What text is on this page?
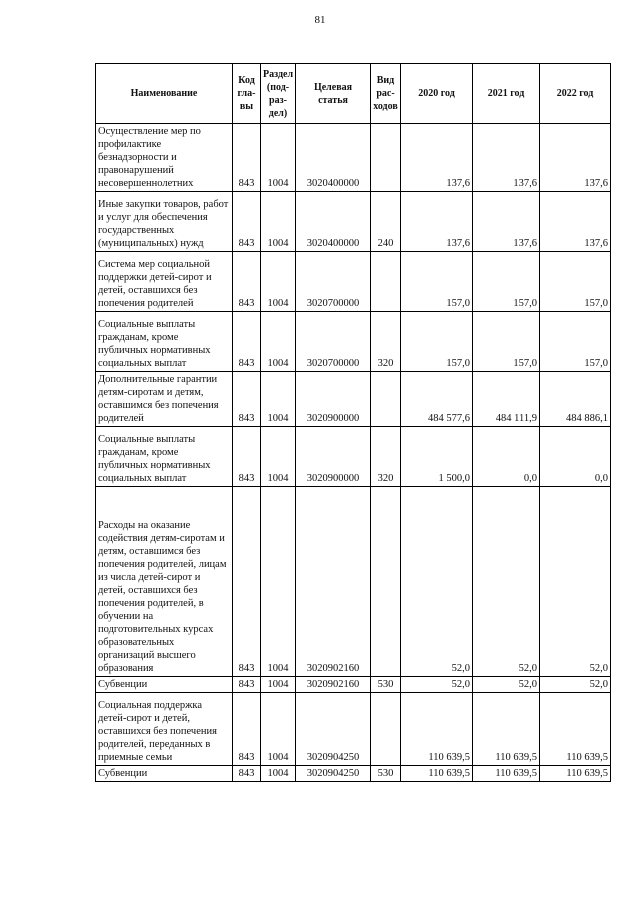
81
Наименование	Код гла-вы	Раздел (под-раз-дел)	Целевая статья	Вид рас-ходов	2020 год	2021 год	2022 год
Осуществление мер по профилактике безнадзорности и правонарушений несовершеннолетних	843	1004	3020400000		137,6	137,6	137,6
Иные закупки товаров, работ и услуг для обеспечения государственных (муниципальных) нужд	843	1004	3020400000	240	137,6	137,6	137,6
Система мер социальной поддержки детей-сирот и детей, оставшихся без попечения родителей	843	1004	3020700000		157,0	157,0	157,0
Социальные выплаты гражданам, кроме публичных нормативных социальных выплат	843	1004	3020700000	320	157,0	157,0	157,0
Дополнительные гарантии детям-сиротам и детям, оставшимся без попечения родителей	843	1004	3020900000		484 577,6	484 111,9	484 886,1
Социальные выплаты гражданам, кроме публичных нормативных социальных выплат	843	1004	3020900000	320	1 500,0	0,0	0,0
Расходы на оказание содействия детям-сиротам и детям, оставшимся без попечения родителей, лицам из числа детей-сирот и детей, оставшихся без попечения родителей, в обучении на подготовительных курсах образовательных организаций высшего образования	843	1004	3020902160		52,0	52,0	52,0
Субвенции	843	1004	3020902160	530	52,0	52,0	52,0
Социальная поддержка детей-сирот и детей, оставшихся без попечения родителей, переданных в приемные семьи	843	1004	3020904250		110 639,5	110 639,5	110 639,5
Субвенции	843	1004	3020904250	530	110 639,5	110 639,5	110 639,5
